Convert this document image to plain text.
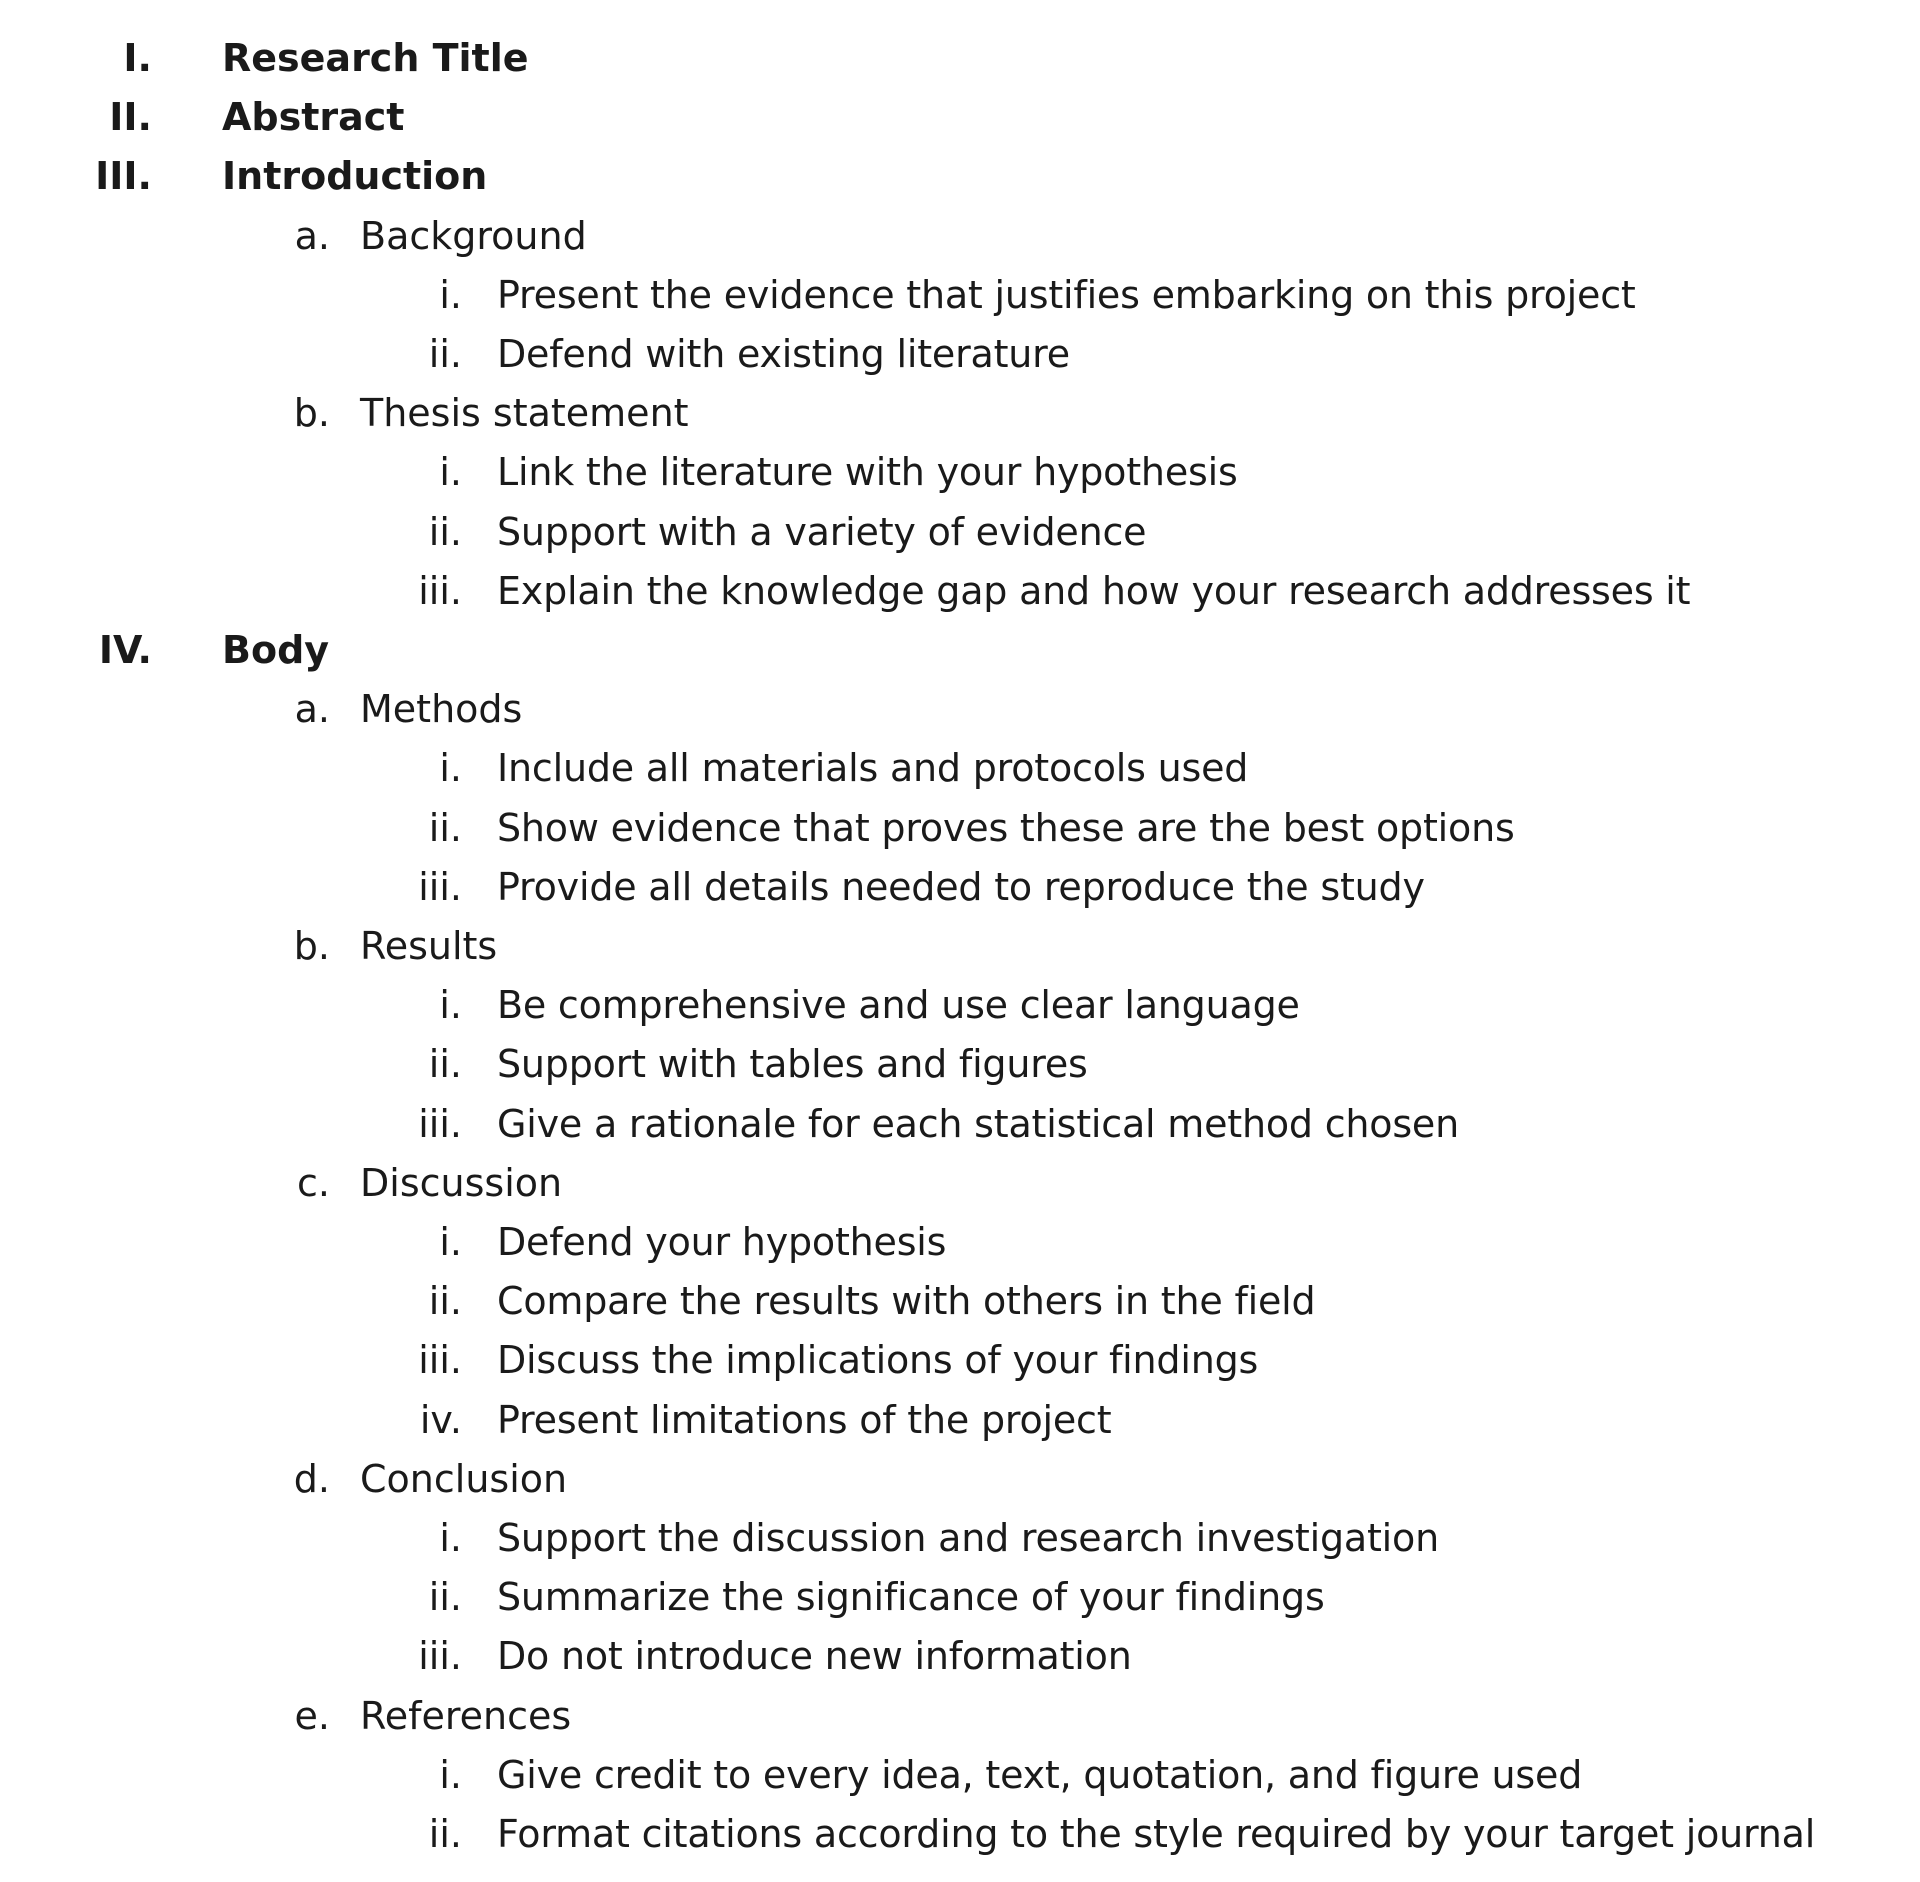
I. Research Title
II. Abstract
III. Introduction
a. Background
i. Present the evidence that justifies embarking on this project
ii. Defend with existing literature
b. Thesis statement
i. Link the literature with your hypothesis
ii. Support with a variety of evidence
iii. Explain the knowledge gap and how your research addresses it
IV. Body
a. Methods
i. Include all materials and protocols used
ii. Show evidence that proves these are the best options
iii. Provide all details needed to reproduce the study
b. Results
i. Be comprehensive and use clear language
ii. Support with tables and figures
iii. Give a rationale for each statistical method chosen
c. Discussion
i. Defend your hypothesis
ii. Compare the results with others in the field
iii. Discuss the implications of your findings
iv. Present limitations of the project
d. Conclusion
i. Support the discussion and research investigation
ii. Summarize the significance of your findings
iii. Do not introduce new information
e. References
i. Give credit to every idea, text, quotation, and figure used
ii. Format citations according to the style required by your target journal
